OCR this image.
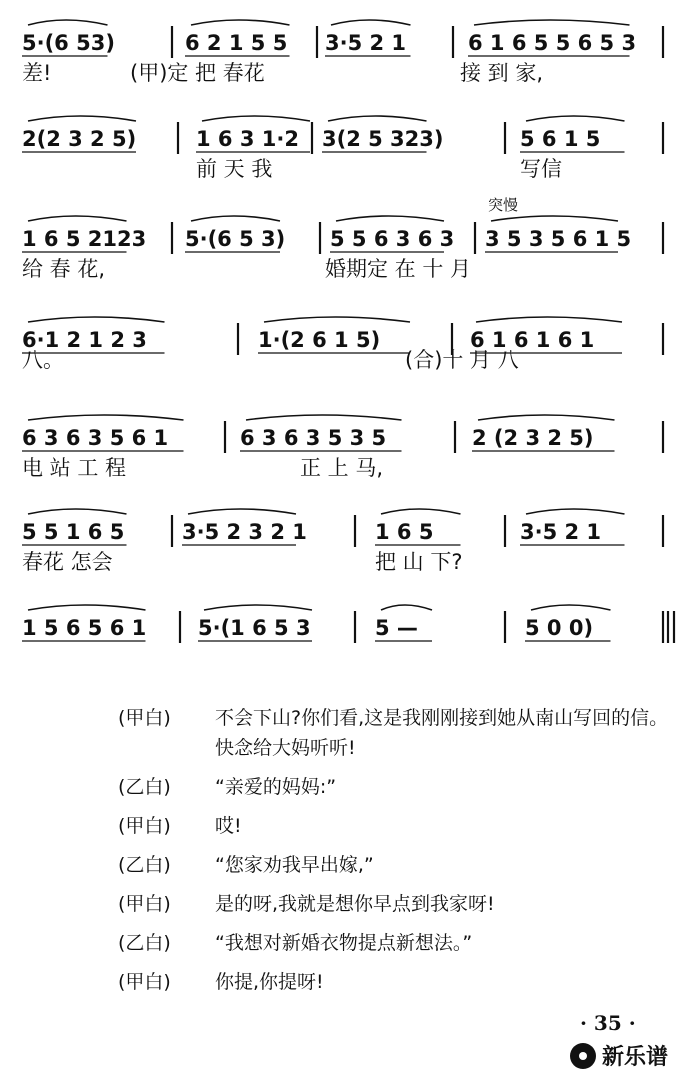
5·(6 53)	6 2 1 5 5 3·5 2 1	6 1 6 5 5 6 5 3
差!	(甲)定 把 春花	接 到 家,
2(2 3 2 5)	1 6 3 1·2 3(2 5 323)	5 6 1 5
前 天 我	写信
1 6 5 2123 5·(6 5 3) 5 5 6 3 6 3 3 5 3 5 6 1 5
给 春 花,	婚期定 在 十 月
突慢
6·1 2 1 2 3	1·(2 6 1 5)	6 1 6 1 6 1
八。	(合)十 月 八
6 3 6 3 5 6 1	6 3 6 3 5 3 5	2 (2 3 2 5)
电 站 工 程	正 上 马,
5 5 1 6 5	3·5 2 3 2 1	1 6 5	3·5 2 1
春花 怎会	把 山 下?
1 5 6 5 6 1 5·(1 6 5 3	5 —	5 0 0)
(甲白)	不会下山?你们看,这是我刚刚接到她从南山写回的信。快念给大妈听听!
(乙白)	“亲爱的妈妈:”
(甲白)	哎!
(乙白)	“您家劝我早出嫁,”
(甲白)	是的呀,我就是想你早点到我家呀!
(乙白)	“我想对新婚衣物提点新想法。”
(甲白)	你提,你提呀!
· 35 ·
新乐谱
